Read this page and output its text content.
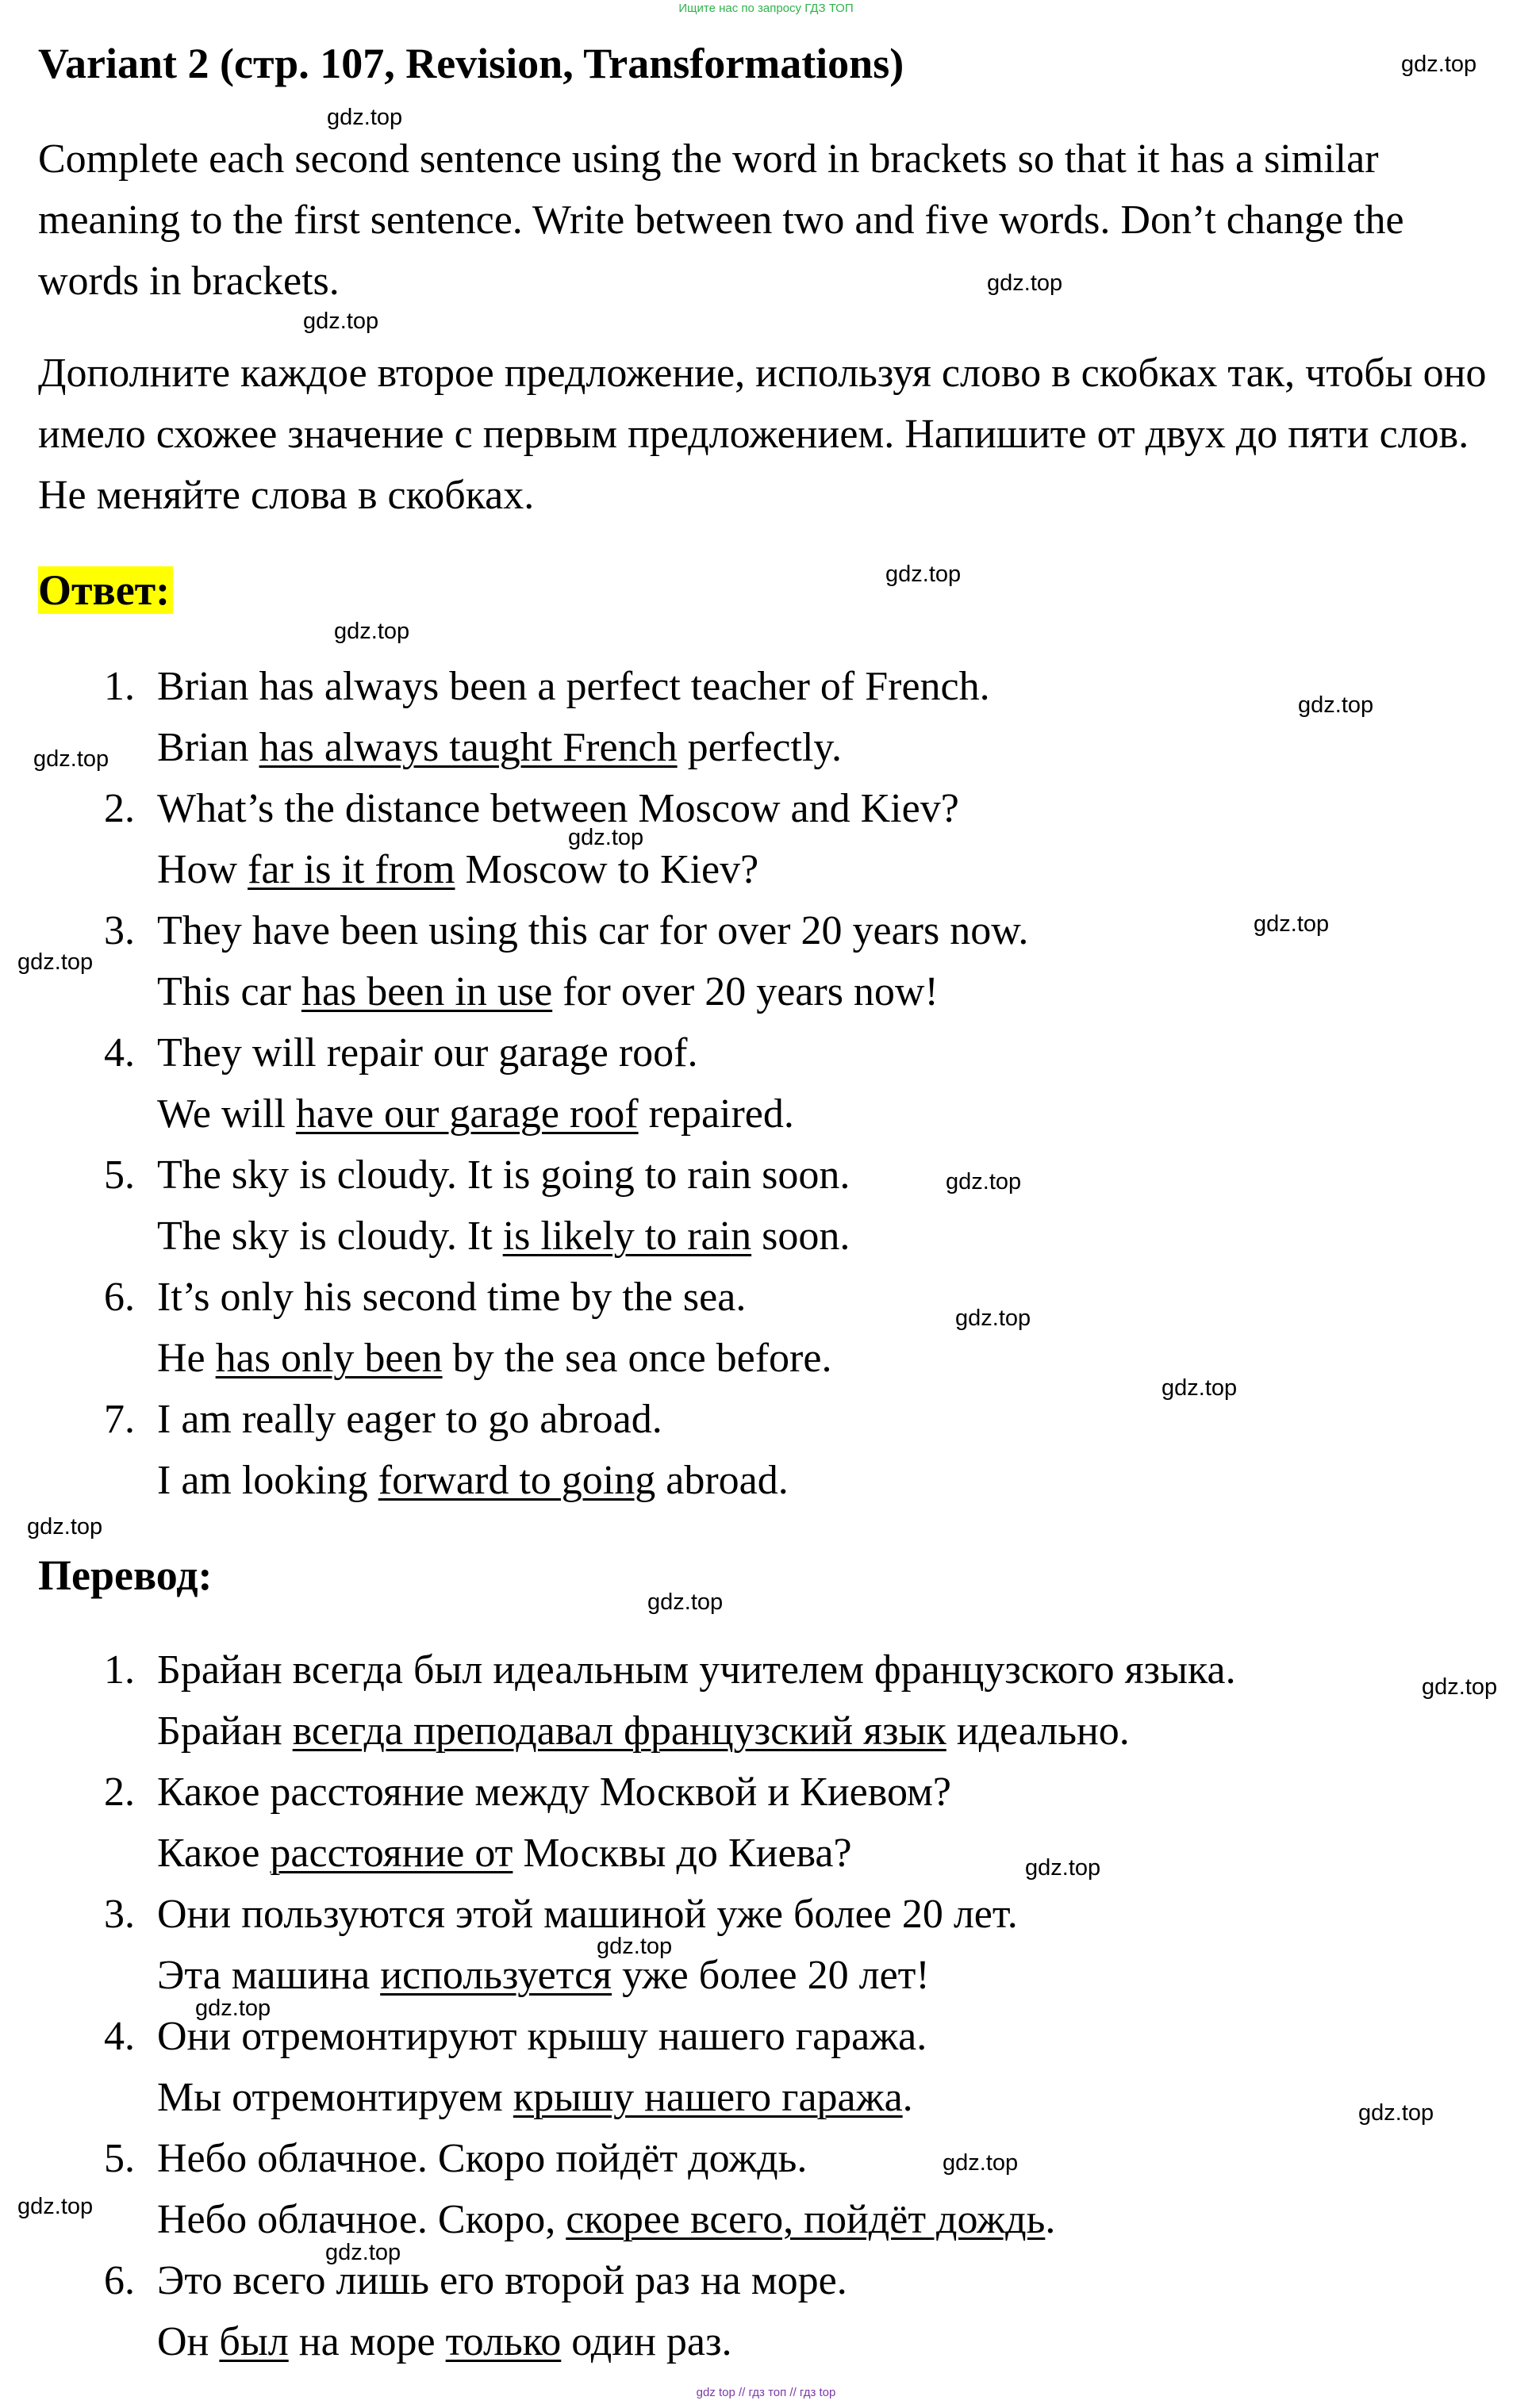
Ищите нас по запросу ГДЗ ТОП
Variant 2 (стр. 107, Revision, Transformations)
Complete each second sentence using the word in brackets so that it has a similar meaning to the first sentence. Write between two and five words. Don’t change the words in brackets.
Дополните каждое второе предложение, используя слово в скобках так, чтобы оно имело схожее значение с первым предложением. Напишите от двух до пяти слов. Не меняйте слова в скобках.
Ответ:
1. Brian has always been a perfect teacher of French.
Brian has always taught French perfectly.
2. What’s the distance between Moscow and Kiev?
How far is it from Moscow to Kiev?
3. They have been using this car for over 20 years now.
This car has been in use for over 20 years now!
4. They will repair our garage roof.
We will have our garage roof repaired.
5. The sky is cloudy. It is going to rain soon.
The sky is cloudy. It is likely to rain soon.
6. It’s only his second time by the sea.
He has only been by the sea once before.
7. I am really eager to go abroad.
I am looking forward to going abroad.
Перевод:
1. Брайан всегда был идеальным учителем французского языка.
Брайан всегда преподавал французский язык идеально.
2. Какое расстояние между Москвой и Киевом?
Какое расстояние от Москвы до Киева?
3. Они пользуются этой машиной уже более 20 лет.
Эта машина используется уже более 20 лет!
4. Они отремонтируют крышу нашего гаража.
Мы отремонтируем крышу нашего гаража.
5. Небо облачное. Скоро пойдёт дождь.
Небо облачное. Скоро, скорее всего, пойдёт дождь.
6. Это всего лишь его второй раз на море.
Он был на море только один раз.
gdz.top
gdz.top
gdz.top
gdz.top
gdz.top
gdz.top
gdz.top
gdz.top
gdz.top
gdz.top
gdz.top
gdz.top
gdz.top
gdz.top
gdz.top
gdz.top
gdz.top
gdz.top
gdz.top
gdz.top
gdz.top
gdz.top
gdz.top
gdz.top
gdz top // гдз топ // гдз top
